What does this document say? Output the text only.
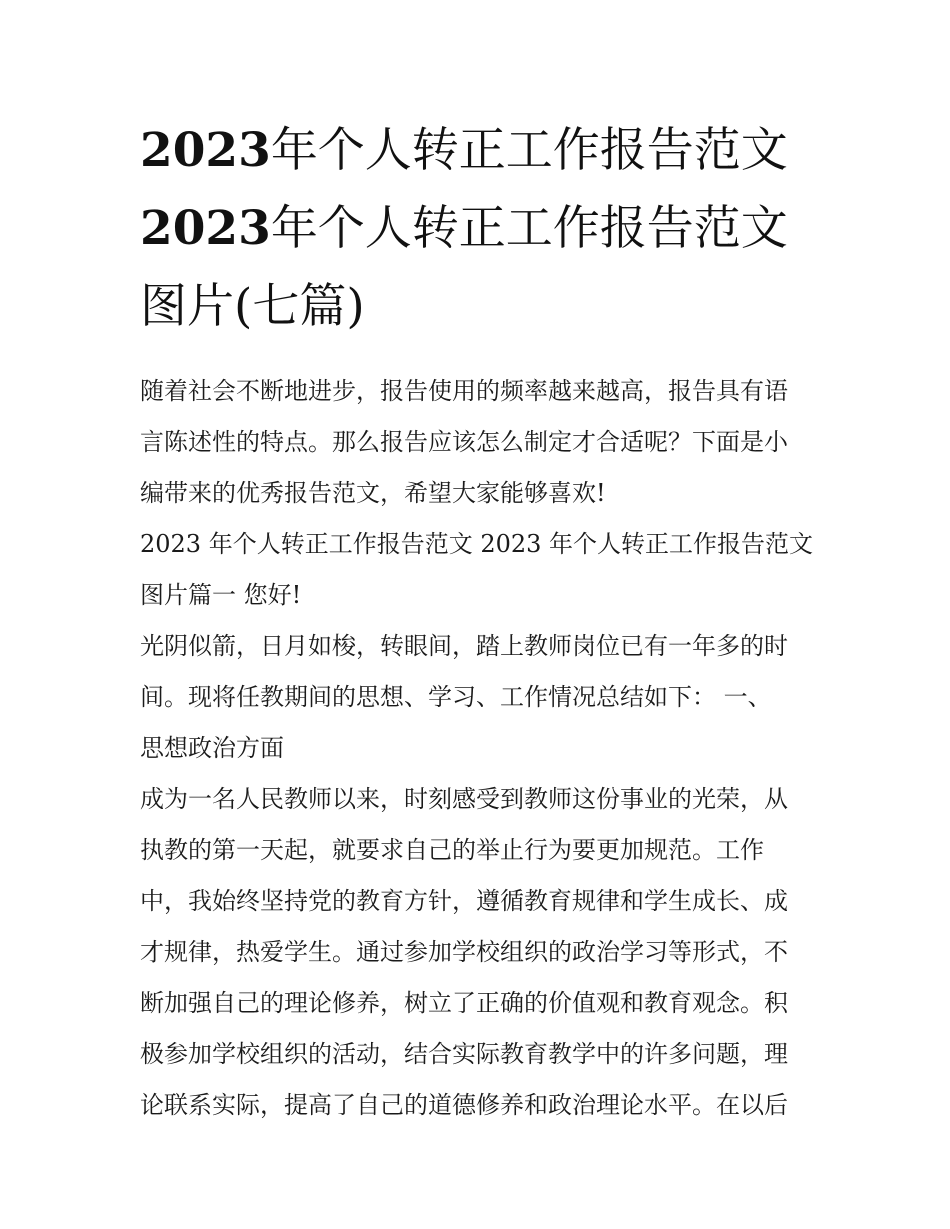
2023年个人转正工作报告范文
2023年个人转正工作报告范文
图片(七篇)
随着社会不断地进步，报告使用的频率越来越高，报告具有语
言陈述性的特点。那么报告应该怎么制定才合适呢？下面是小
编带来的优秀报告范文，希望大家能够喜欢!
2023 年个人转正工作报告范文 2023 年个人转正工作报告范文
图片篇一 您好!
光阴似箭，日月如梭，转眼间，踏上教师岗位已有一年多的时
间。现将任教期间的思想、学习、工作情况总结如下： 一、
思想政治方面
成为一名人民教师以来，时刻感受到教师这份事业的光荣，从
执教的第一天起，就要求自己的举止行为要更加规范。工作
中，我始终坚持党的教育方针，遵循教育规律和学生成长、成
才规律，热爱学生。通过参加学校组织的政治学习等形式，不
断加强自己的理论修养，树立了正确的价值观和教育观念。积
极参加学校组织的活动，结合实际教育教学中的许多问题，理
论联系实际，提高了自己的道德修养和政治理论水平。在以后
